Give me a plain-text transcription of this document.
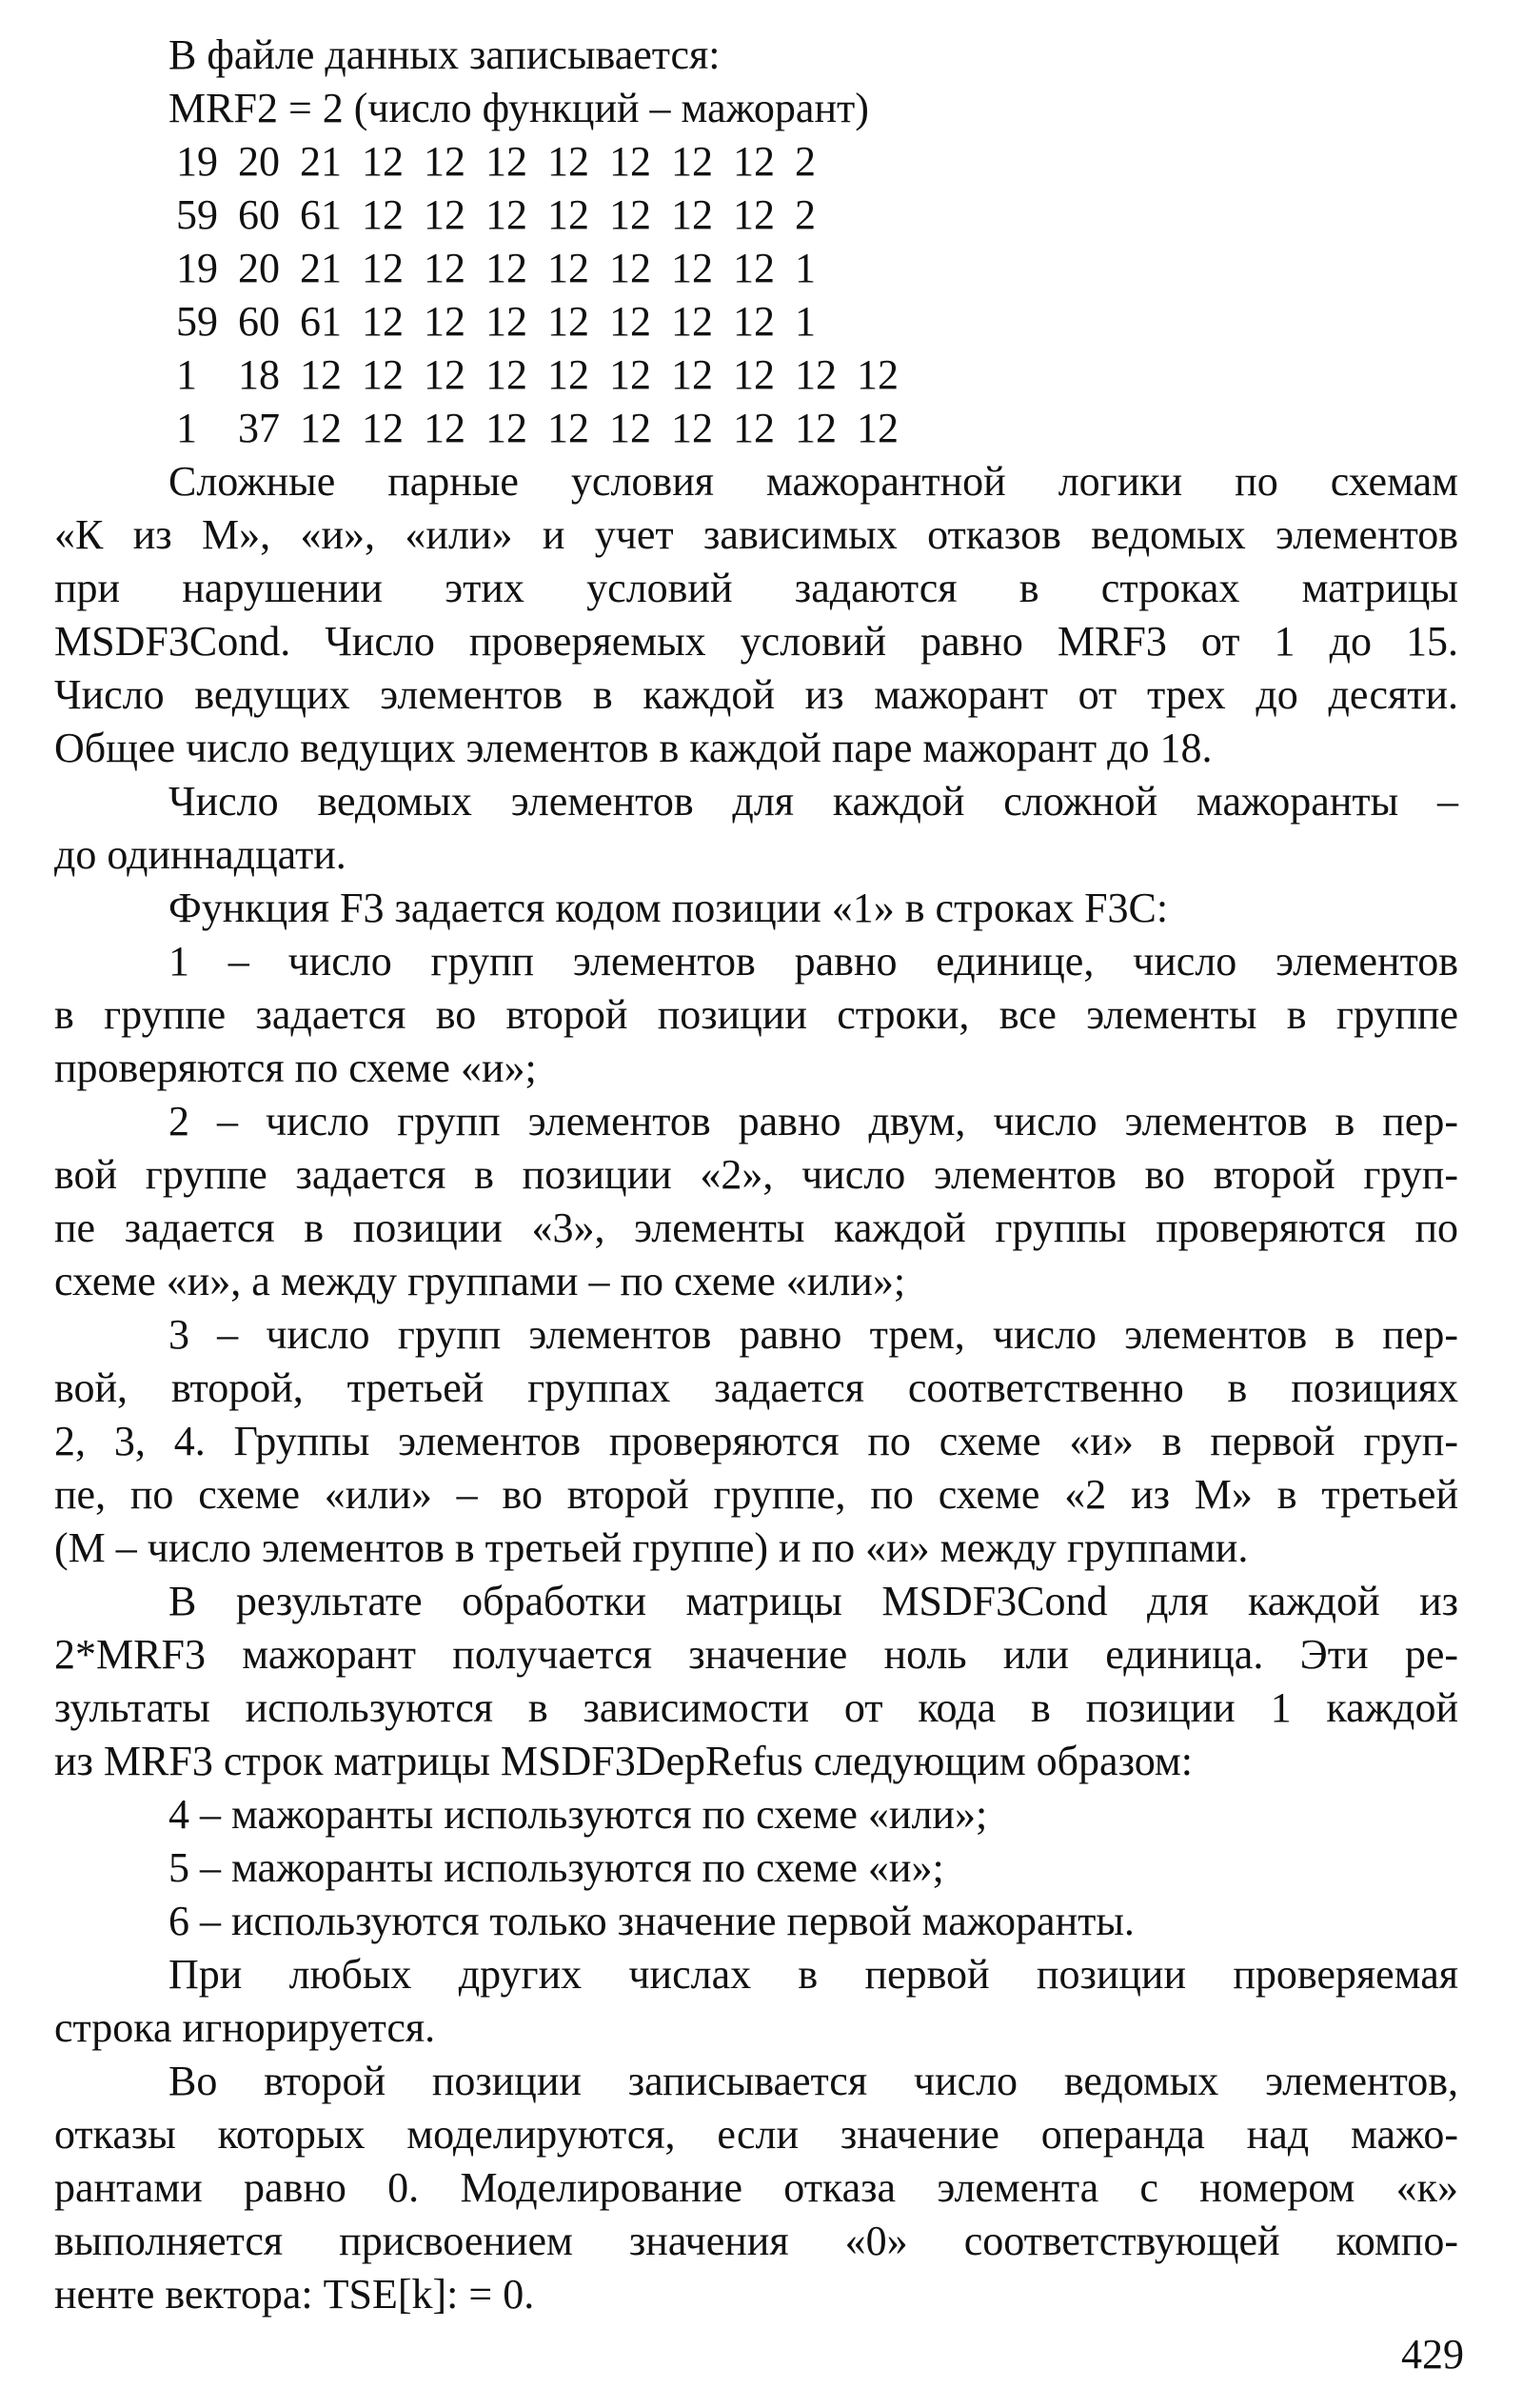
В файле данных записывается:
MRF2 = 2 (число функций – мажорант)
19 20 21 12 12 12 12 12 12 12 2
59 60 61 12 12 12 12 12 12 12 2
19 20 21 12 12 12 12 12 12 12 1
59 60 61 12 12 12 12 12 12 12 1
1 18 12 12 12 12 12 12 12 12 12 12
1 37 12 12 12 12 12 12 12 12 12 12
Сложные парные условия мажорантной логики по схемам
«К из М», «и», «или» и учет зависимых отказов ведомых элементов
при нарушении этих условий задаются в строках матрицы
MSDF3Cond. Число проверяемых условий равно MRF3 от 1 до 15.
Число ведущих элементов в каждой из мажорант от трех до десяти.
Общее число ведущих элементов в каждой паре мажорант до 18.
Число ведомых элементов для каждой сложной мажоранты –
до одиннадцати.
Функция F3 задается кодом позиции «1» в строках F3C:
1 – число групп элементов равно единице, число элементов
в группе задается во второй позиции строки, все элементы в группе
проверяются по схеме «и»;
2 – число групп элементов равно двум, число элементов в пер-
вой группе задается в позиции «2», число элементов во второй груп-
пе задается в позиции «3», элементы каждой группы проверяются по
схеме «и», а между группами – по схеме «или»;
3 – число групп элементов равно трем, число элементов в пер-
вой, второй, третьей группах задается соответственно в позициях
2, 3, 4. Группы элементов проверяются по схеме «и» в первой груп-
пе, по схеме «или» – во второй группе, по схеме «2 из М» в третьей
(М – число элементов в третьей группе) и по «и» между группами.
В результате обработки матрицы MSDF3Cond для каждой из
2*MRF3 мажорант получается значение ноль или единица. Эти ре-
зультаты используются в зависимости от кода в позиции 1 каждой
из MRF3 строк матрицы MSDF3DepRefus следующим образом:
4 – мажоранты используются по схеме «или»;
5 – мажоранты используются по схеме «и»;
6 – используются только значение первой мажоранты.
При любых других числах в первой позиции проверяемая
строка игнорируется.
Во второй позиции записывается число ведомых элементов,
отказы которых моделируются, если значение операнда над мажо-
рантами равно 0. Моделирование отказа элемента с номером «к»
выполняется присвоением значения «0» соответствующей компо-
ненте вектора: TSE[k]: = 0.
429
